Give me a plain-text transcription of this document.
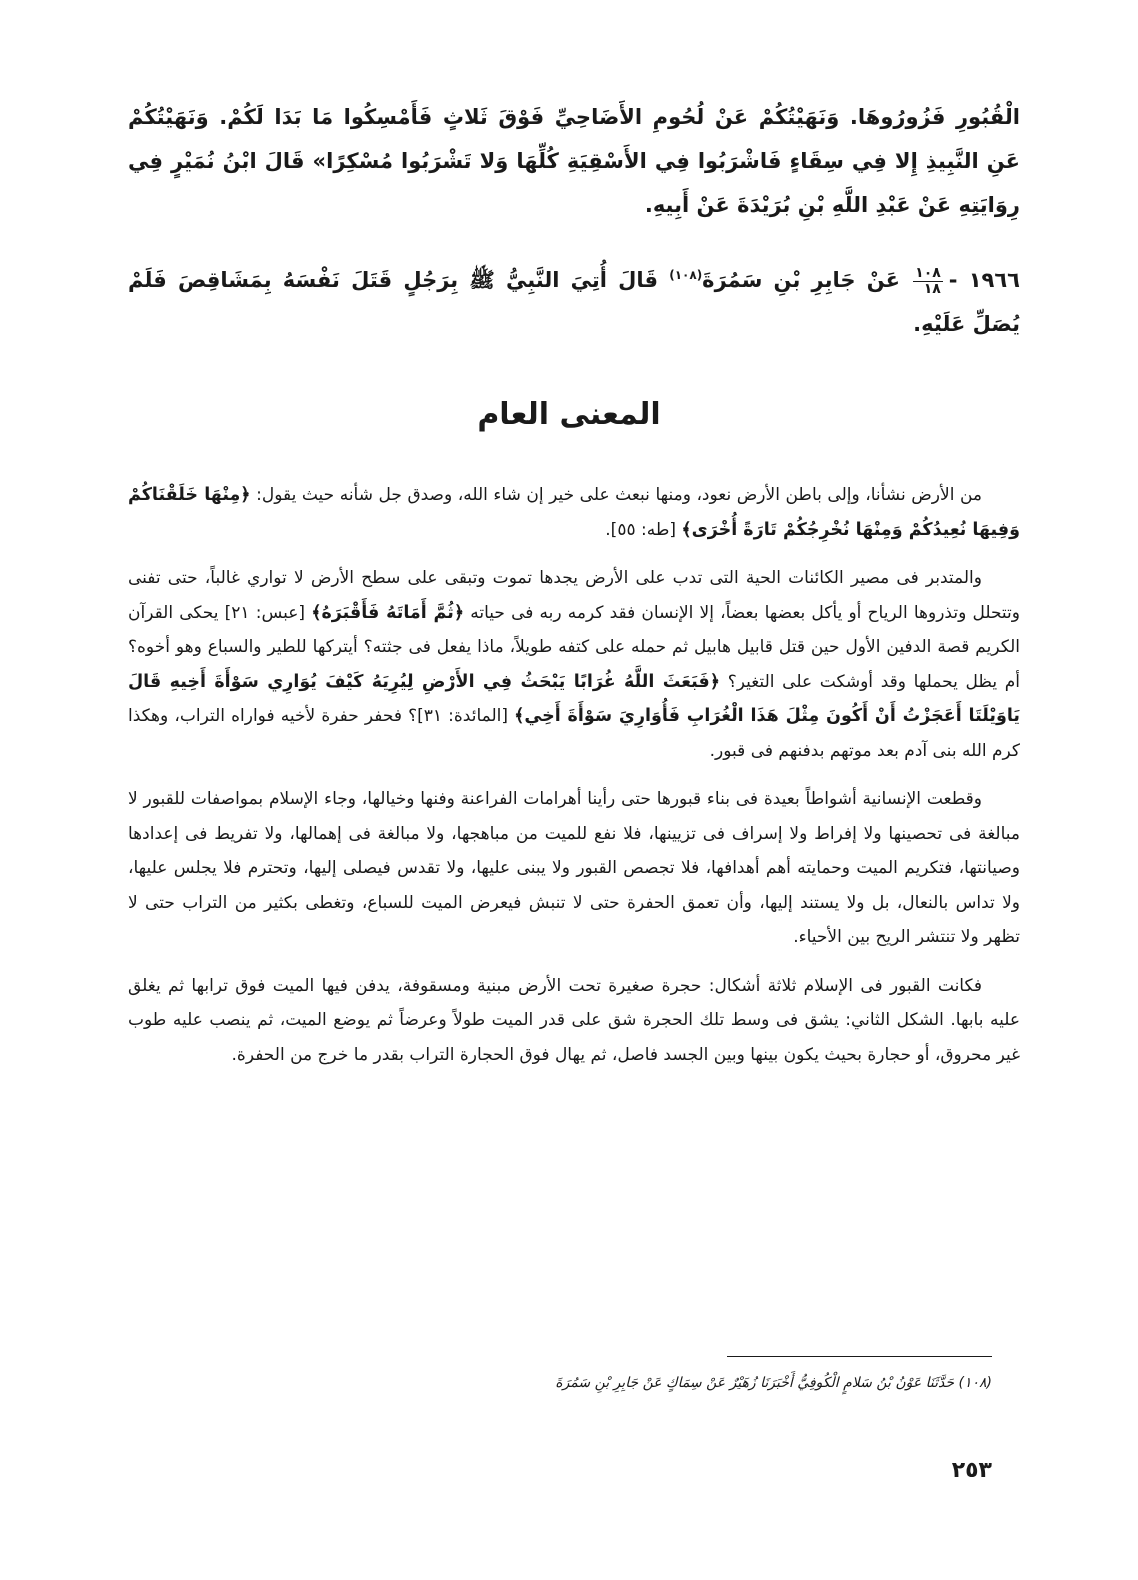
الْقُبُورِ فَزُورُوهَا. وَنَهَيْتُكُمْ عَنْ لُحُومِ الأَضَاحِيِّ فَوْقَ ثَلاثٍ فَأَمْسِكُوا مَا بَدَا لَكُمْ. وَنَهَيْتُكُمْ عَنِ النَّبِيذِ إِلا فِي سِقَاءٍ فَاشْرَبُوا فِي الأَسْقِيَةِ كُلِّهَا وَلا تَشْرَبُوا مُسْكِرًا» قَالَ ابْنُ نُمَيْرٍ فِي رِوَايَتِهِ عَنْ عَبْدِ اللَّهِ بْنِ بُرَيْدَةَ عَنْ أَبِيهِ.
١٩٦٦ -
$\frac{١٠٨}{١٨}$
عَنْ جَابِرِ بْنِ سَمُرَةَ$^{(١٠٨)}$ قَالَ أُتِيَ النَّبِيُّ ﷺ بِرَجُلٍ قَتَلَ نَفْسَهُ بِمَشَاقِصَ فَلَمْ يُصَلِّ عَلَيْهِ.
المعنى العام

من الأرض نشأنا، وإلى باطن الأرض نعود، ومنها نبعث على خير إن شاء الله، وصدق جل شأنه حيث يقول: ﴿مِنْهَا خَلَقْنَاكُمْ وَفِيهَا نُعِيدُكُمْ وَمِنْهَا نُخْرِجُكُمْ تَارَةً أُخْرَى﴾ [طه: ٥٥].

والمتدبر فى مصير الكائنات الحية التى تدب على الأرض يجدها تموت وتبقى على سطح الأرض لا تواري غالباً، حتى تفنى وتتحلل وتذروها الرياح أو يأكل بعضها بعضاً، إلا الإنسان فقد كرمه ربه فى حياته ﴿ثُمَّ أَمَاتَهُ فَأَقْبَرَهُ﴾ [عبس: ٢١] يحكى القرآن الكريم قصة الدفين الأول حين قتل قابيل هابيل ثم حمله على كتفه طويلاً، ماذا يفعل فى جثته؟ أيتركها للطير والسباع وهو أخوه؟ أم يظل يحملها وقد أوشكت على التغير؟ ﴿فَبَعَثَ اللَّهُ غُرَابًا يَبْحَثُ فِي الأَرْضِ لِيُرِيَهُ كَيْفَ يُوَارِي سَوْأَةَ أَخِيهِ قَالَ يَاوَيْلَتَا أَعَجَزْتُ أَنْ أَكُونَ مِثْلَ هَذَا الْغُرَابِ فَأُوَارِيَ سَوْأَةَ أَخِي﴾ [المائدة: ٣١]؟ فحفر حفرة لأخيه فواراه التراب، وهكذا كرم الله بنى آدم بعد موتهم بدفنهم فى قبور.

وقطعت الإنسانية أشواطاً بعيدة فى بناء قبورها حتى رأينا أهرامات الفراعنة وفنها وخيالها، وجاء الإسلام بمواصفات للقبور لا مبالغة فى تحصينها ولا إفراط ولا إسراف فى تزيينها، فلا نفع للميت من مباهجها، ولا مبالغة فى إهمالها، ولا تفريط فى إعدادها وصيانتها، فتكريم الميت وحمايته أهم أهدافها، فلا تجصص القبور ولا يبنى عليها، ولا تقدس فيصلى إليها، وتحترم فلا يجلس عليها، ولا تداس بالنعال، بل ولا يستند إليها، وأن تعمق الحفرة حتى لا تنبش فيعرض الميت للسباع، وتغطى بكثير من التراب حتى لا تظهر ولا تنتشر الريح بين الأحياء.

فكانت القبور فى الإسلام ثلاثة أشكال: حجرة صغيرة تحت الأرض مبنية ومسقوفة، يدفن فيها الميت فوق ترابها ثم يغلق عليه بابها. الشكل الثاني: يشق فى وسط تلك الحجرة شق على قدر الميت طولاً وعرضاً ثم يوضع الميت، ثم ينصب عليه طوب غير محروق، أو حجارة بحيث يكون بينها وبين الجسد فاصل، ثم يهال فوق الحجارة التراب بقدر ما خرج من الحفرة.

(١٠٨) حَدَّثَنَا عَوْنُ بْنُ سَلامٍ الْكُوفِيُّ أَخْبَرَنَا زُهَيْرٌ عَنْ سِمَاكٍ عَنْ جَابِرِ بْنِ سَمُرَةَ
٢٥٣
